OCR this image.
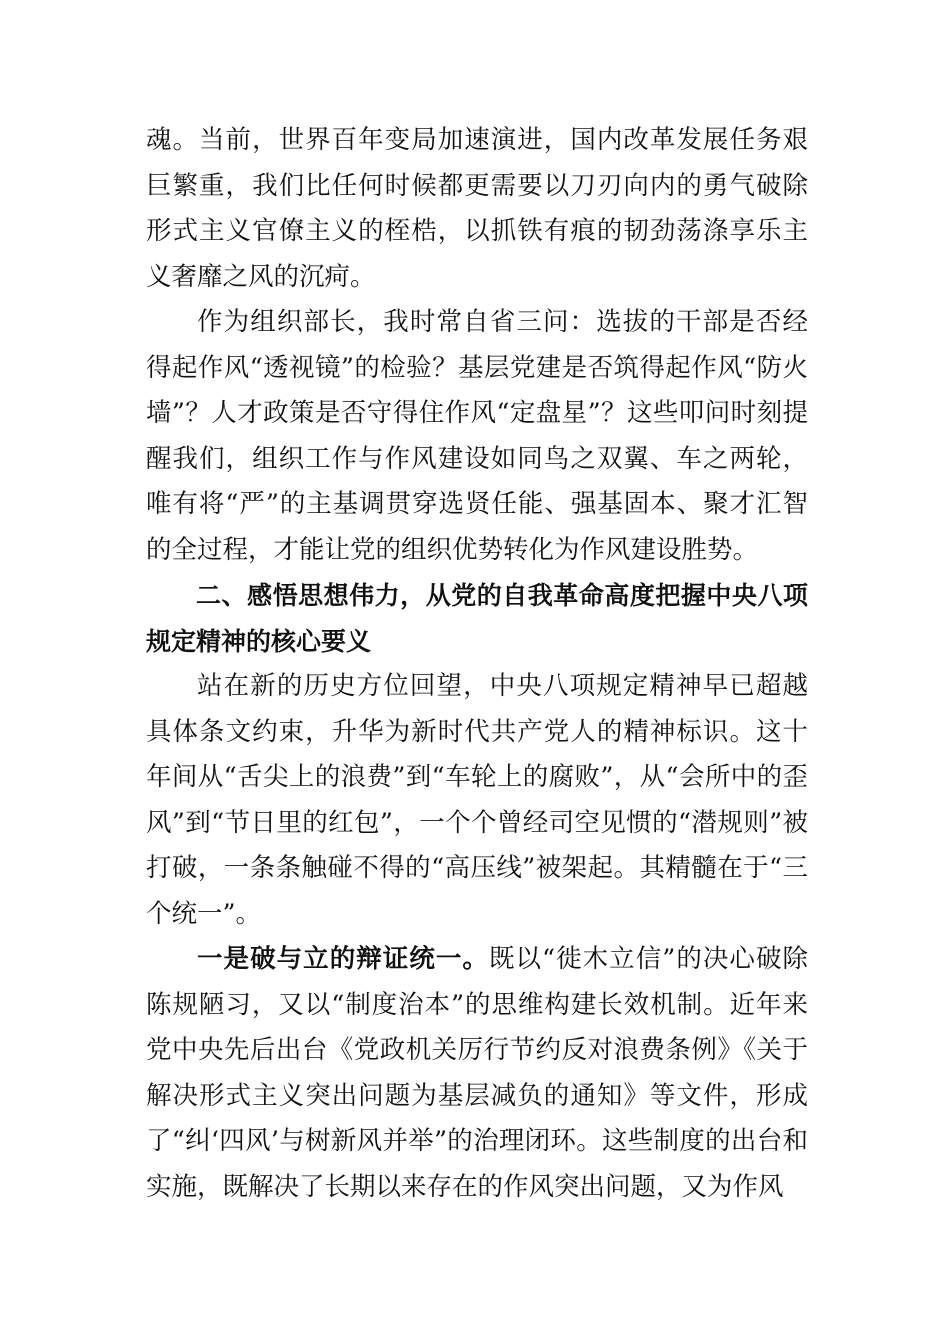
魂。当前，世界百年变局加速演进，国内改革发展任务艰巨繁重，我们比任何时候都更需要以刀刃向内的勇气破除形式主义官僚主义的桎梏，以抓铁有痕的韧劲荡涤享乐主义奢靡之风的沉疴。

作为组织部长，我时常自省三问：选拔的干部是否经得起作风“透视镜”的检验？基层党建是否筑得起作风“防火墙”？人才政策是否守得住作风“定盘星”？这些叩问时刻提醒我们，组织工作与作风建设如同鸟之双翼、车之两轮，唯有将“严”的主基调贯穿选贤任能、强基固本、聚才汇智的全过程，才能让党的组织优势转化为作风建设胜势。

二、感悟思想伟力，从党的自我革命高度把握中央八项规定精神的核心要义

站在新的历史方位回望，中央八项规定精神早已超越具体条文约束，升华为新时代共产党人的精神标识。这十年间从“舌尖上的浪费”到“车轮上的腐败”，从“会所中的歪风”到“节日里的红包”，一个个曾经司空见惯的“潜规则”被打破，一条条触碰不得的“高压线”被架起。其精髓在于“三个统一”。

一是破与立的辩证统一。既以“徙木立信”的决心破除陈规陋习，又以“制度治本”的思维构建长效机制。近年来党中央先后出台《党政机关厉行节约反对浪费条例》《关于解决形式主义突出问题为基层减负的通知》等文件，形成了“纠‘四风’与树新风并举”的治理闭环。这些制度的出台和实施，既解决了长期以来存在的作风突出问题，又为作风
